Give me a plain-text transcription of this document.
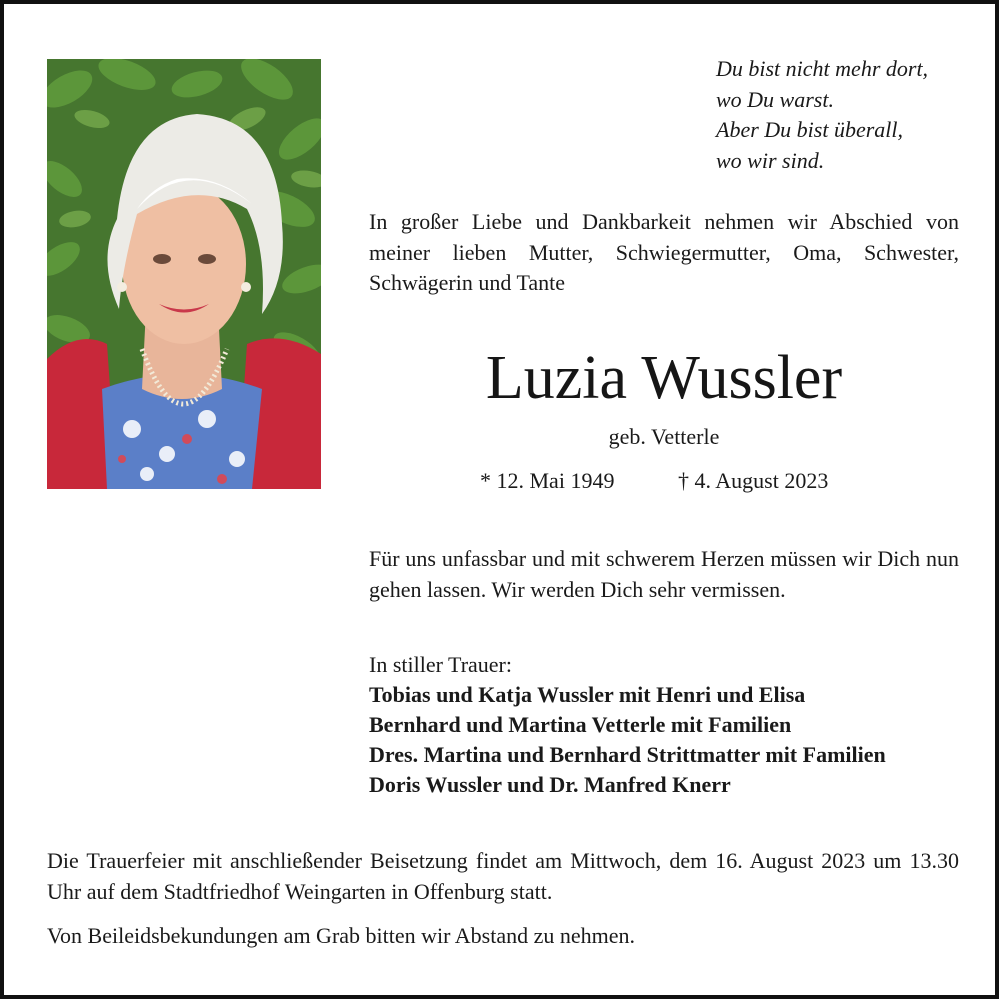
Du bist nicht mehr dort,
wo Du warst.
Aber Du bist überall,
wo wir sind.
In großer Liebe und Dankbarkeit nehmen wir Abschied von meiner lieben Mutter, Schwiegermutter, Oma, Schwester, Schwägerin und Tante
Luzia Wussler
geb. Vetterle
* 12. Mai 1949	† 4. August 2023
Für uns unfassbar und mit schwerem Herzen müssen wir Dich nun gehen lassen. Wir werden Dich sehr vermissen.
In stiller Trauer:
Tobias und Katja Wussler mit Henri und Elisa
Bernhard und Martina Vetterle mit Familien
Dres. Martina und Bernhard Strittmatter mit Familien
Doris Wussler und Dr. Manfred Knerr
Die Trauerfeier mit anschließender Beisetzung findet am Mittwoch, dem 16. August 2023 um 13.30 Uhr auf dem Stadtfriedhof Weingarten in Offenburg statt.
Von Beileidsbekundungen am Grab bitten wir Abstand zu nehmen.
